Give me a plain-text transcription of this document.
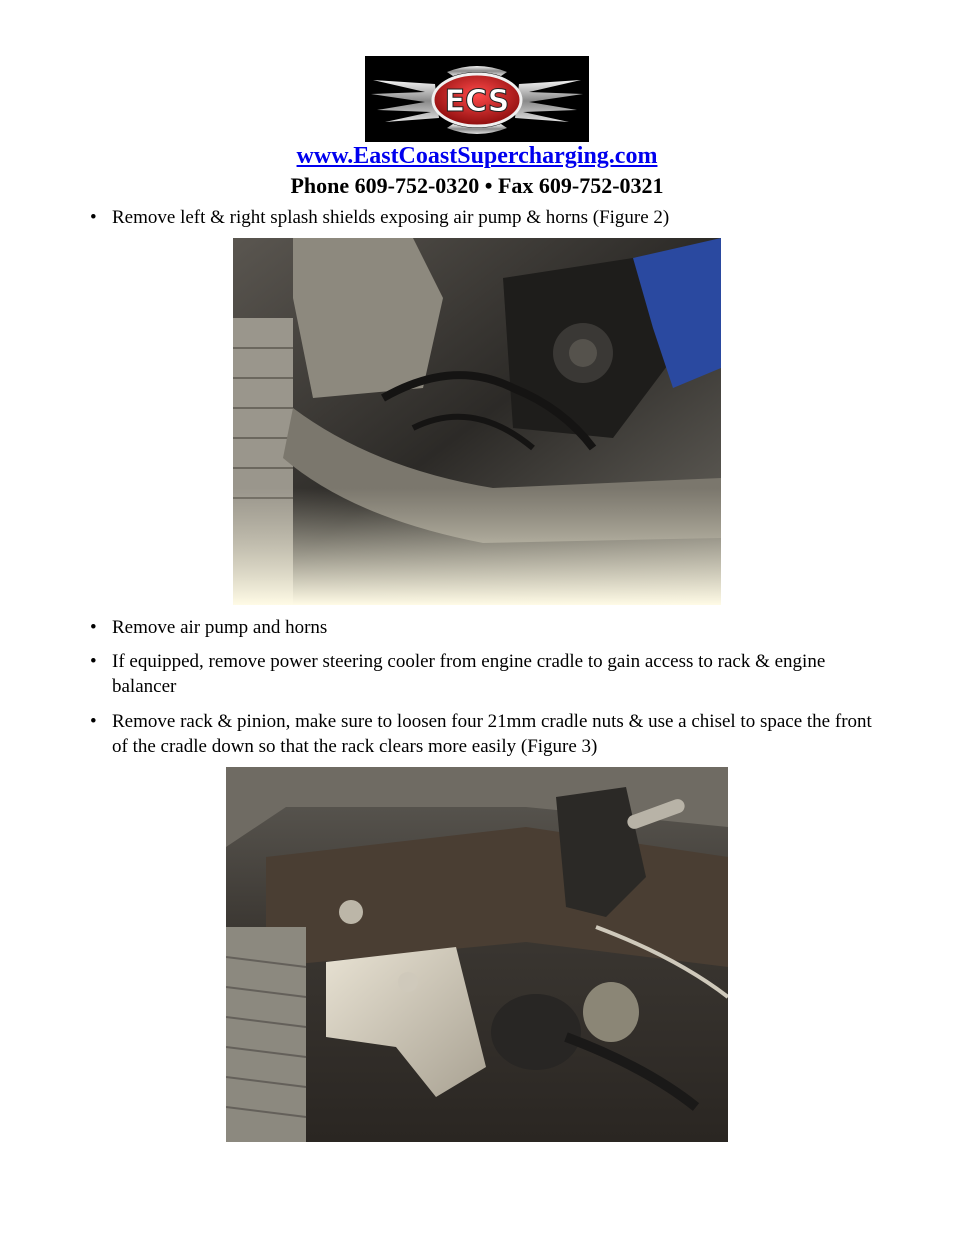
ECS
www.EastCoastSupercharging.com
Phone 609-752-0320 • Fax 609-752-0321
• Remove left & right splash shields exposing air pump & horns (Figure 2)
• Remove air pump and horns
• If equipped, remove power steering cooler from engine cradle to gain access to rack & engine balancer
• Remove rack & pinion, make sure to loosen four 21mm cradle nuts & use a chisel to space the front of the cradle down so that the rack clears more easily (Figure 3)
